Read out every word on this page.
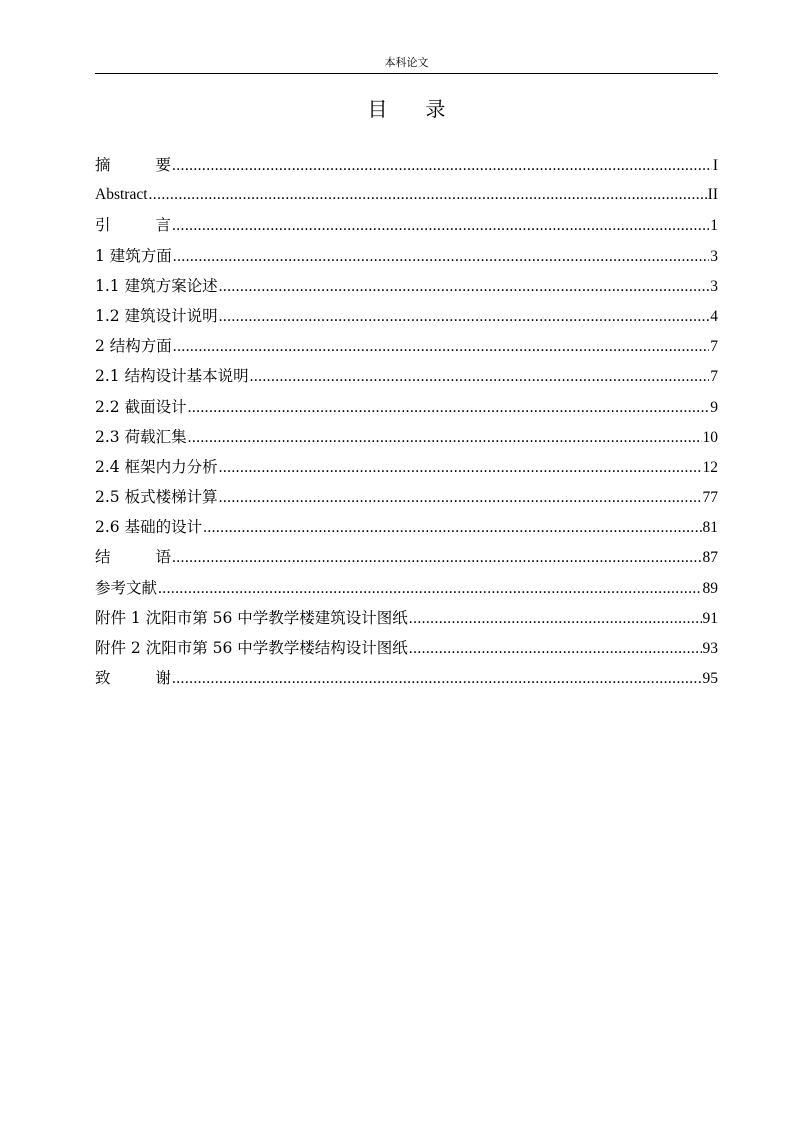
本科论文
目录
摘	要 .....	I
Abstract .....	II
引	言 .....	1
1 建筑方面 .....	3
1.1 建筑方案论述 .....	3
1.2 建筑设计说明 .....	4
2 结构方面 .....	7
2.1 结构设计基本说明 .....	7
2.2 截面设计 .....	9
2.3 荷载汇集 .....	10
2.4 框架内力分析 .....	12
2.5 板式楼梯计算 .....	77
2.6 基础的设计 .....	81
结	语 .....	87
参考文献 .....	89
附件 1 沈阳市第 56 中学教学楼建筑设计图纸 .....	91
附件 2 沈阳市第 56 中学教学楼结构设计图纸 .....	93
致	谢 .....	95
